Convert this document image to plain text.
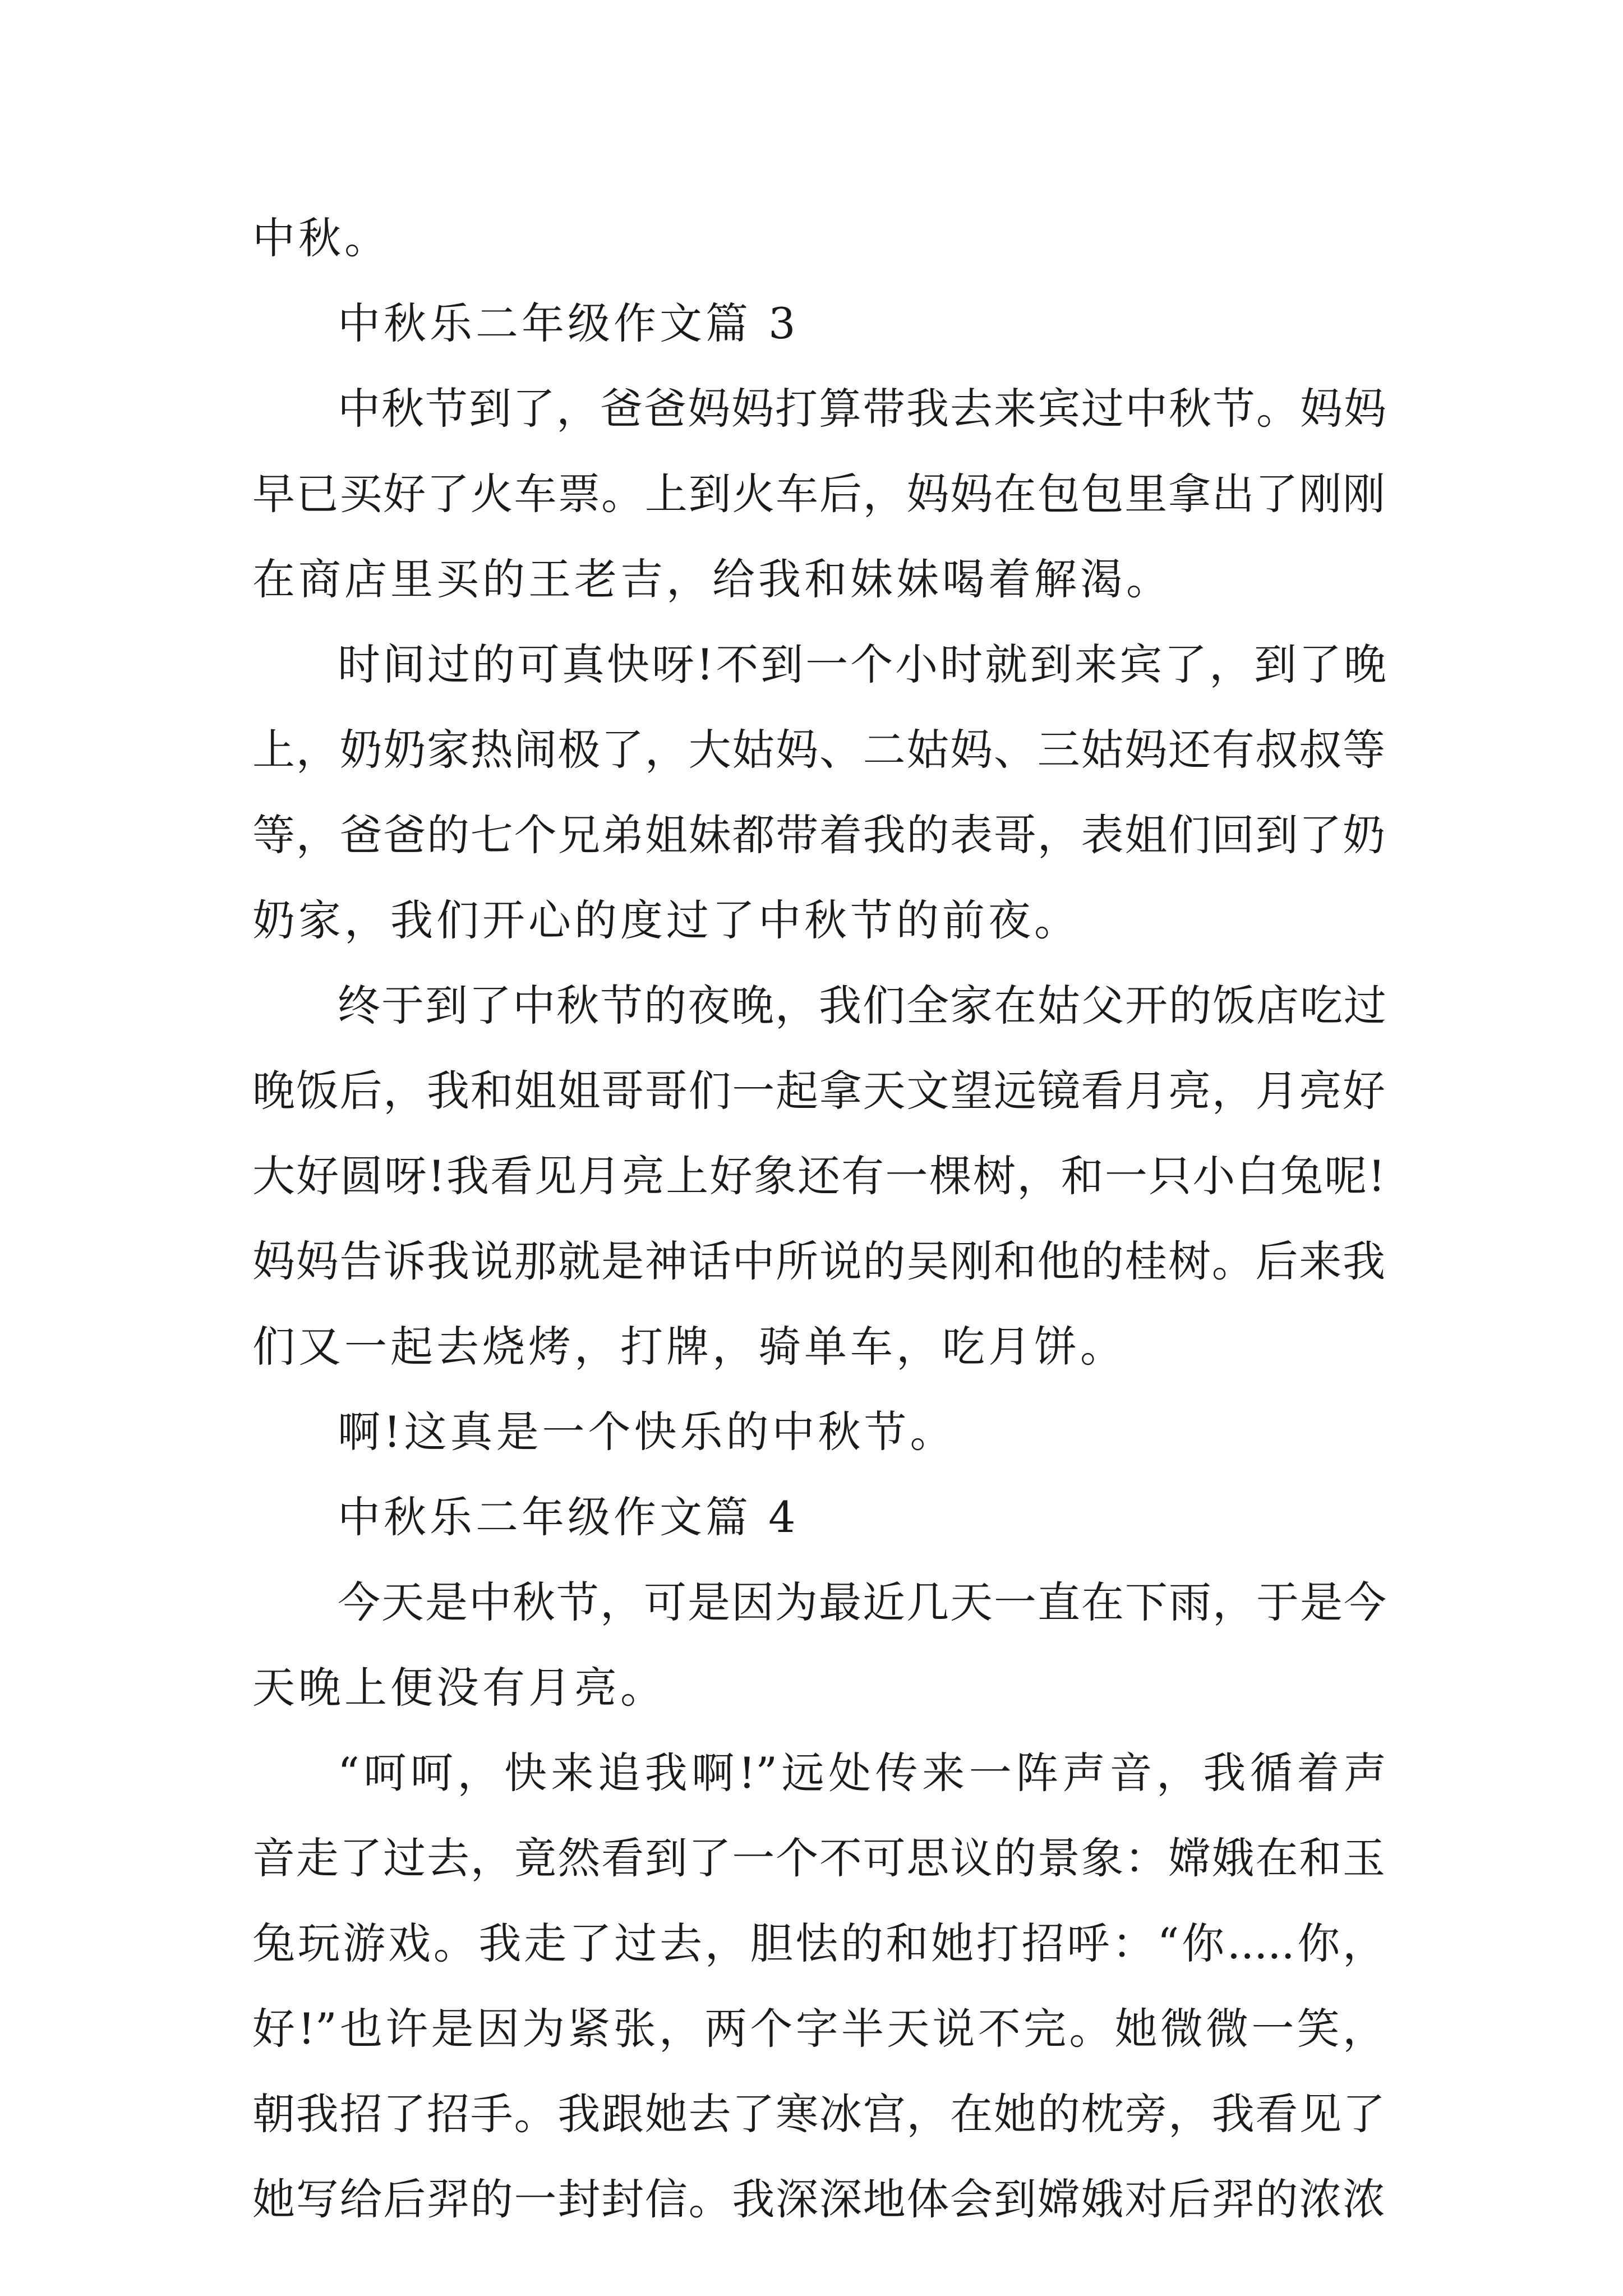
中秋。
中秋乐二年级作文篇 3
中秋节到了，爸爸妈妈打算带我去来宾过中秋节。妈妈
早已买好了火车票。上到火车后，妈妈在包包里拿出了刚刚
在商店里买的王老吉，给我和妹妹喝着解渴。
时间过的可真快呀!不到一个小时就到来宾了，到了晚
上，奶奶家热闹极了，大姑妈、二姑妈、三姑妈还有叔叔等
等，爸爸的七个兄弟姐妹都带着我的表哥，表姐们回到了奶
奶家，我们开心的度过了中秋节的前夜。
终于到了中秋节的夜晚，我们全家在姑父开的饭店吃过
晚饭后，我和姐姐哥哥们一起拿天文望远镜看月亮，月亮好
大好圆呀!我看见月亮上好象还有一棵树，和一只小白兔呢!
妈妈告诉我说那就是神话中所说的吴刚和他的桂树。后来我
们又一起去烧烤，打牌，骑单车，吃月饼。
啊!这真是一个快乐的中秋节。
中秋乐二年级作文篇 4
今天是中秋节，可是因为最近几天一直在下雨，于是今
天晚上便没有月亮。
“呵呵，快来追我啊!”远处传来一阵声音，我循着声
音走了过去，竟然看到了一个不可思议的景象：嫦娥在和玉
兔玩游戏。我走了过去，胆怯的和她打招呼：“你.....你，
好!”也许是因为紧张，两个字半天说不完。她微微一笑，
朝我招了招手。我跟她去了寒冰宫，在她的枕旁，我看见了
她写给后羿的一封封信。我深深地体会到嫦娥对后羿的浓浓
